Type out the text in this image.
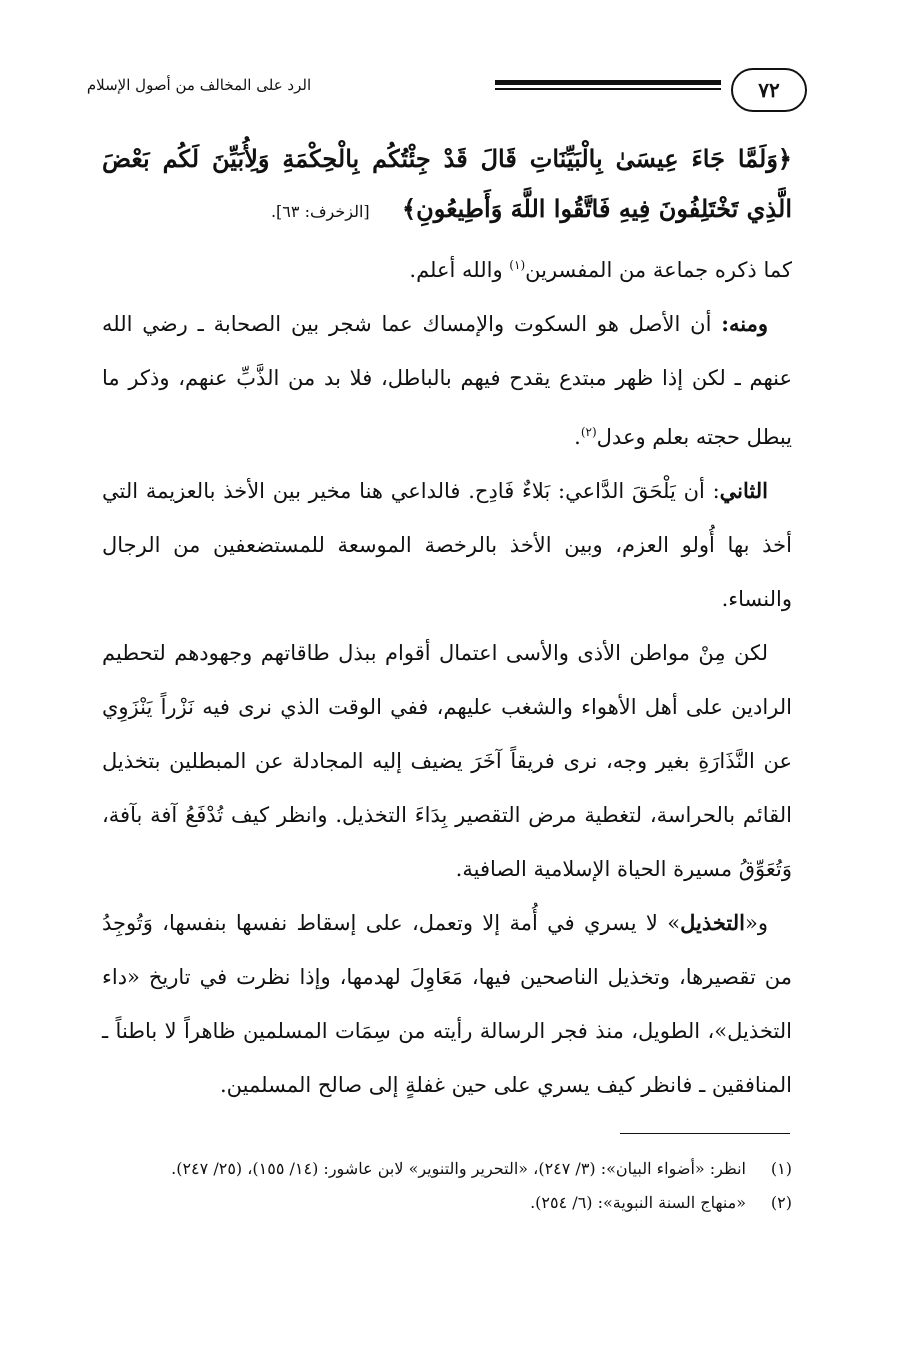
٧٢
الرد على المخالف من أصول الإسلام
﴿وَلَمَّا جَاءَ عِيسَىٰ بِالْبَيِّنَاتِ قَالَ قَدْ جِئْتُكُم بِالْحِكْمَةِ وَلِأُبَيِّنَ لَكُم بَعْضَ الَّذِي تَخْتَلِفُونَ فِيهِ فَاتَّقُوا اللَّهَ وَأَطِيعُونِ﴾ [الزخرف: ٦٣].

كما ذكره جماعة من المفسرين$^{(١)}$ والله أعلم.

ومنه: أن الأصل هو السكوت والإمساك عما شجر بين الصحابة ـ رضي الله عنهم ـ لكن إذا ظهر مبتدع يقدح فيهم بالباطل، فلا بد من الذَّبِّ عنهم، وذكر ما يبطل حجته بعلم وعدل$^{(٢)}$.

الثاني: أن يَلْحَقَ الدَّاعي: بَلاءٌ فَادِح. فالداعي هنا مخير بين الأخذ بالعزيمة التي أخذ بها أُولو العزم، وبين الأخذ بالرخصة الموسعة للمستضعفين من الرجال والنساء.

لكن مِنْ مواطن الأذى والأسى اعتمال أقوام ببذل طاقاتهم وجهودهم لتحطيم الرادين على أهل الأهواء والشغب عليهم، ففي الوقت الذي نرى فيه نَزْراً يَنْزَوِي عن النَّذَارَةِ بغير وجه، نرى فريقاً آخَرَ يضيف إليه المجادلة عن المبطلين بتخذيل القائم بالحراسة، لتغطية مرض التقصير بِدَاءَ التخذيل. وانظر كيف تُدْفَعُ آفة بآفة، وَتُعَوِّقُ مسيرة الحياة الإسلامية الصافية.

و«التخذيل» لا يسري في أُمة إلا وتعمل، على إسقاط نفسها بنفسها، وَتُوجِدُ من تقصيرها، وتخذيل الناصحين فيها، مَعَاوِلَ لهدمها، وإذا نظرت في تاريخ «داء التخذيل»، الطويل، منذ فجر الرسالة رأيته من سِمَات المسلمين ظاهراً لا باطناً ـ المنافقين ـ فانظر كيف يسري على حين غفلةٍ إلى صالح المسلمين.

(١)
انظر: «أضواء البيان»: (٣/ ٢٤٧)، «التحرير والتنوير» لابن عاشور: (١٤/ ١٥٥)، (٢٥/ ٢٤٧).
(٢)
«منهاج السنة النبوية»: (٦/ ٢٥٤).
